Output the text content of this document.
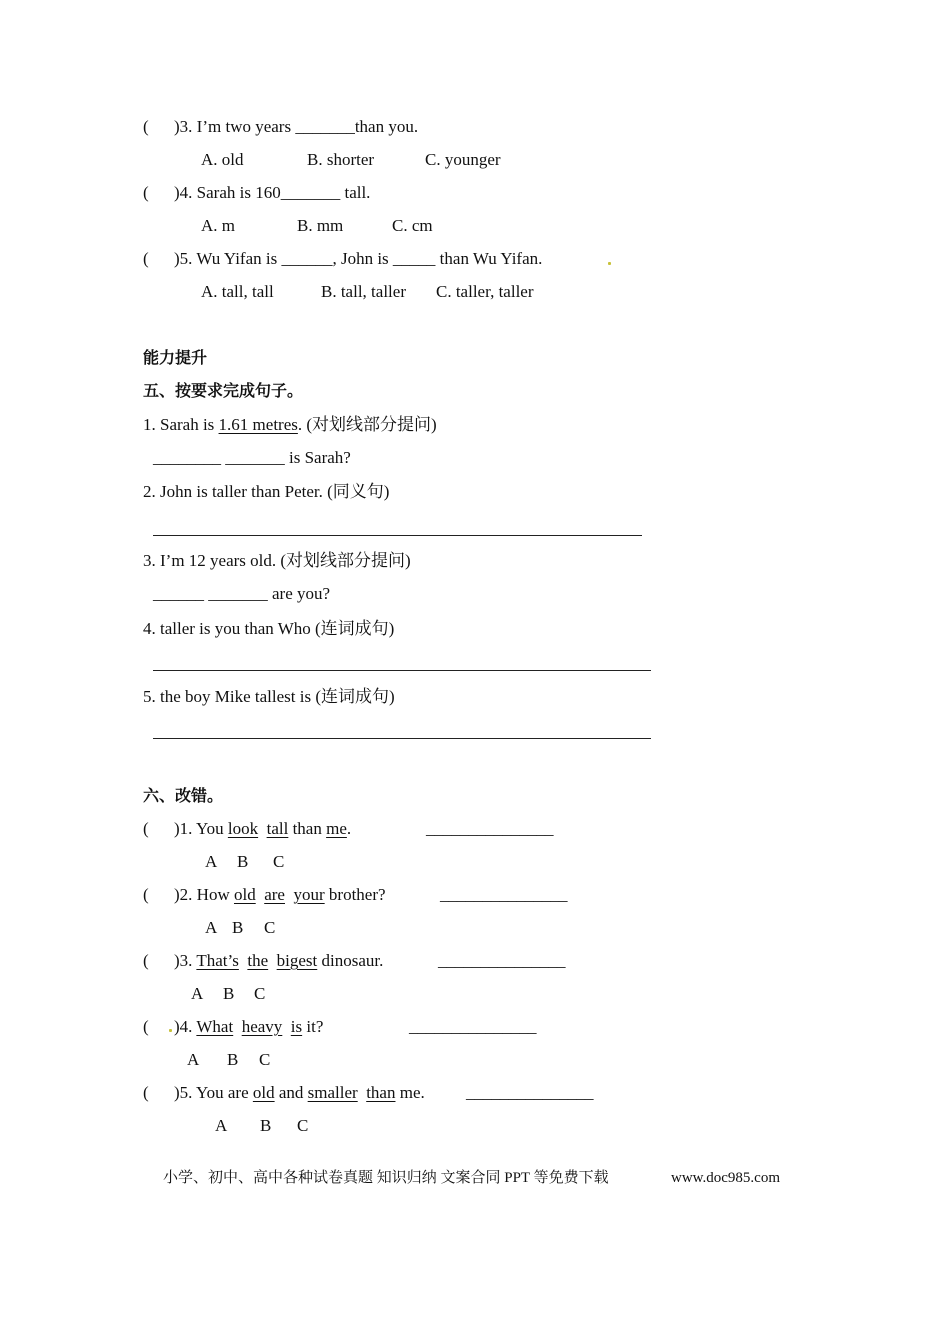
( )3. I’m two years _______than you.
A. old	B. shorter	C. younger
( )4. Sarah is 160_______ tall.
A. m	B. mm	C. cm
( )5. Wu Yifan is ______, John is _____ than Wu Yifan.
A. tall, tall	B. tall, taller C. taller, taller
能力提升
五、按要求完成句子。
1. Sarah is 1.61 metres. (对划线部分提问)
________ _______ is Sarah?
2. John is taller than Peter. (同义句)
3. I’m 12 years old. (对划线部分提问)
______ _______ are you?
4. taller is you than Who (连词成句)
5. the boy Mike tallest is (连词成句)
六、改错。
( )1. You look tall than me.	_______________
A B C
( )2. How old are your brother?	_______________
A B C
( )3. That’s the bigest dinosaur.	_______________
A B C
( )4. What heavy is it?	_______________
A B C
( )5. You are old and smaller than me. _______________
A B C
小学、初中、高中各种试卷真题 知识归纳 文案合同 PPT 等免费下载	www.doc985.com
